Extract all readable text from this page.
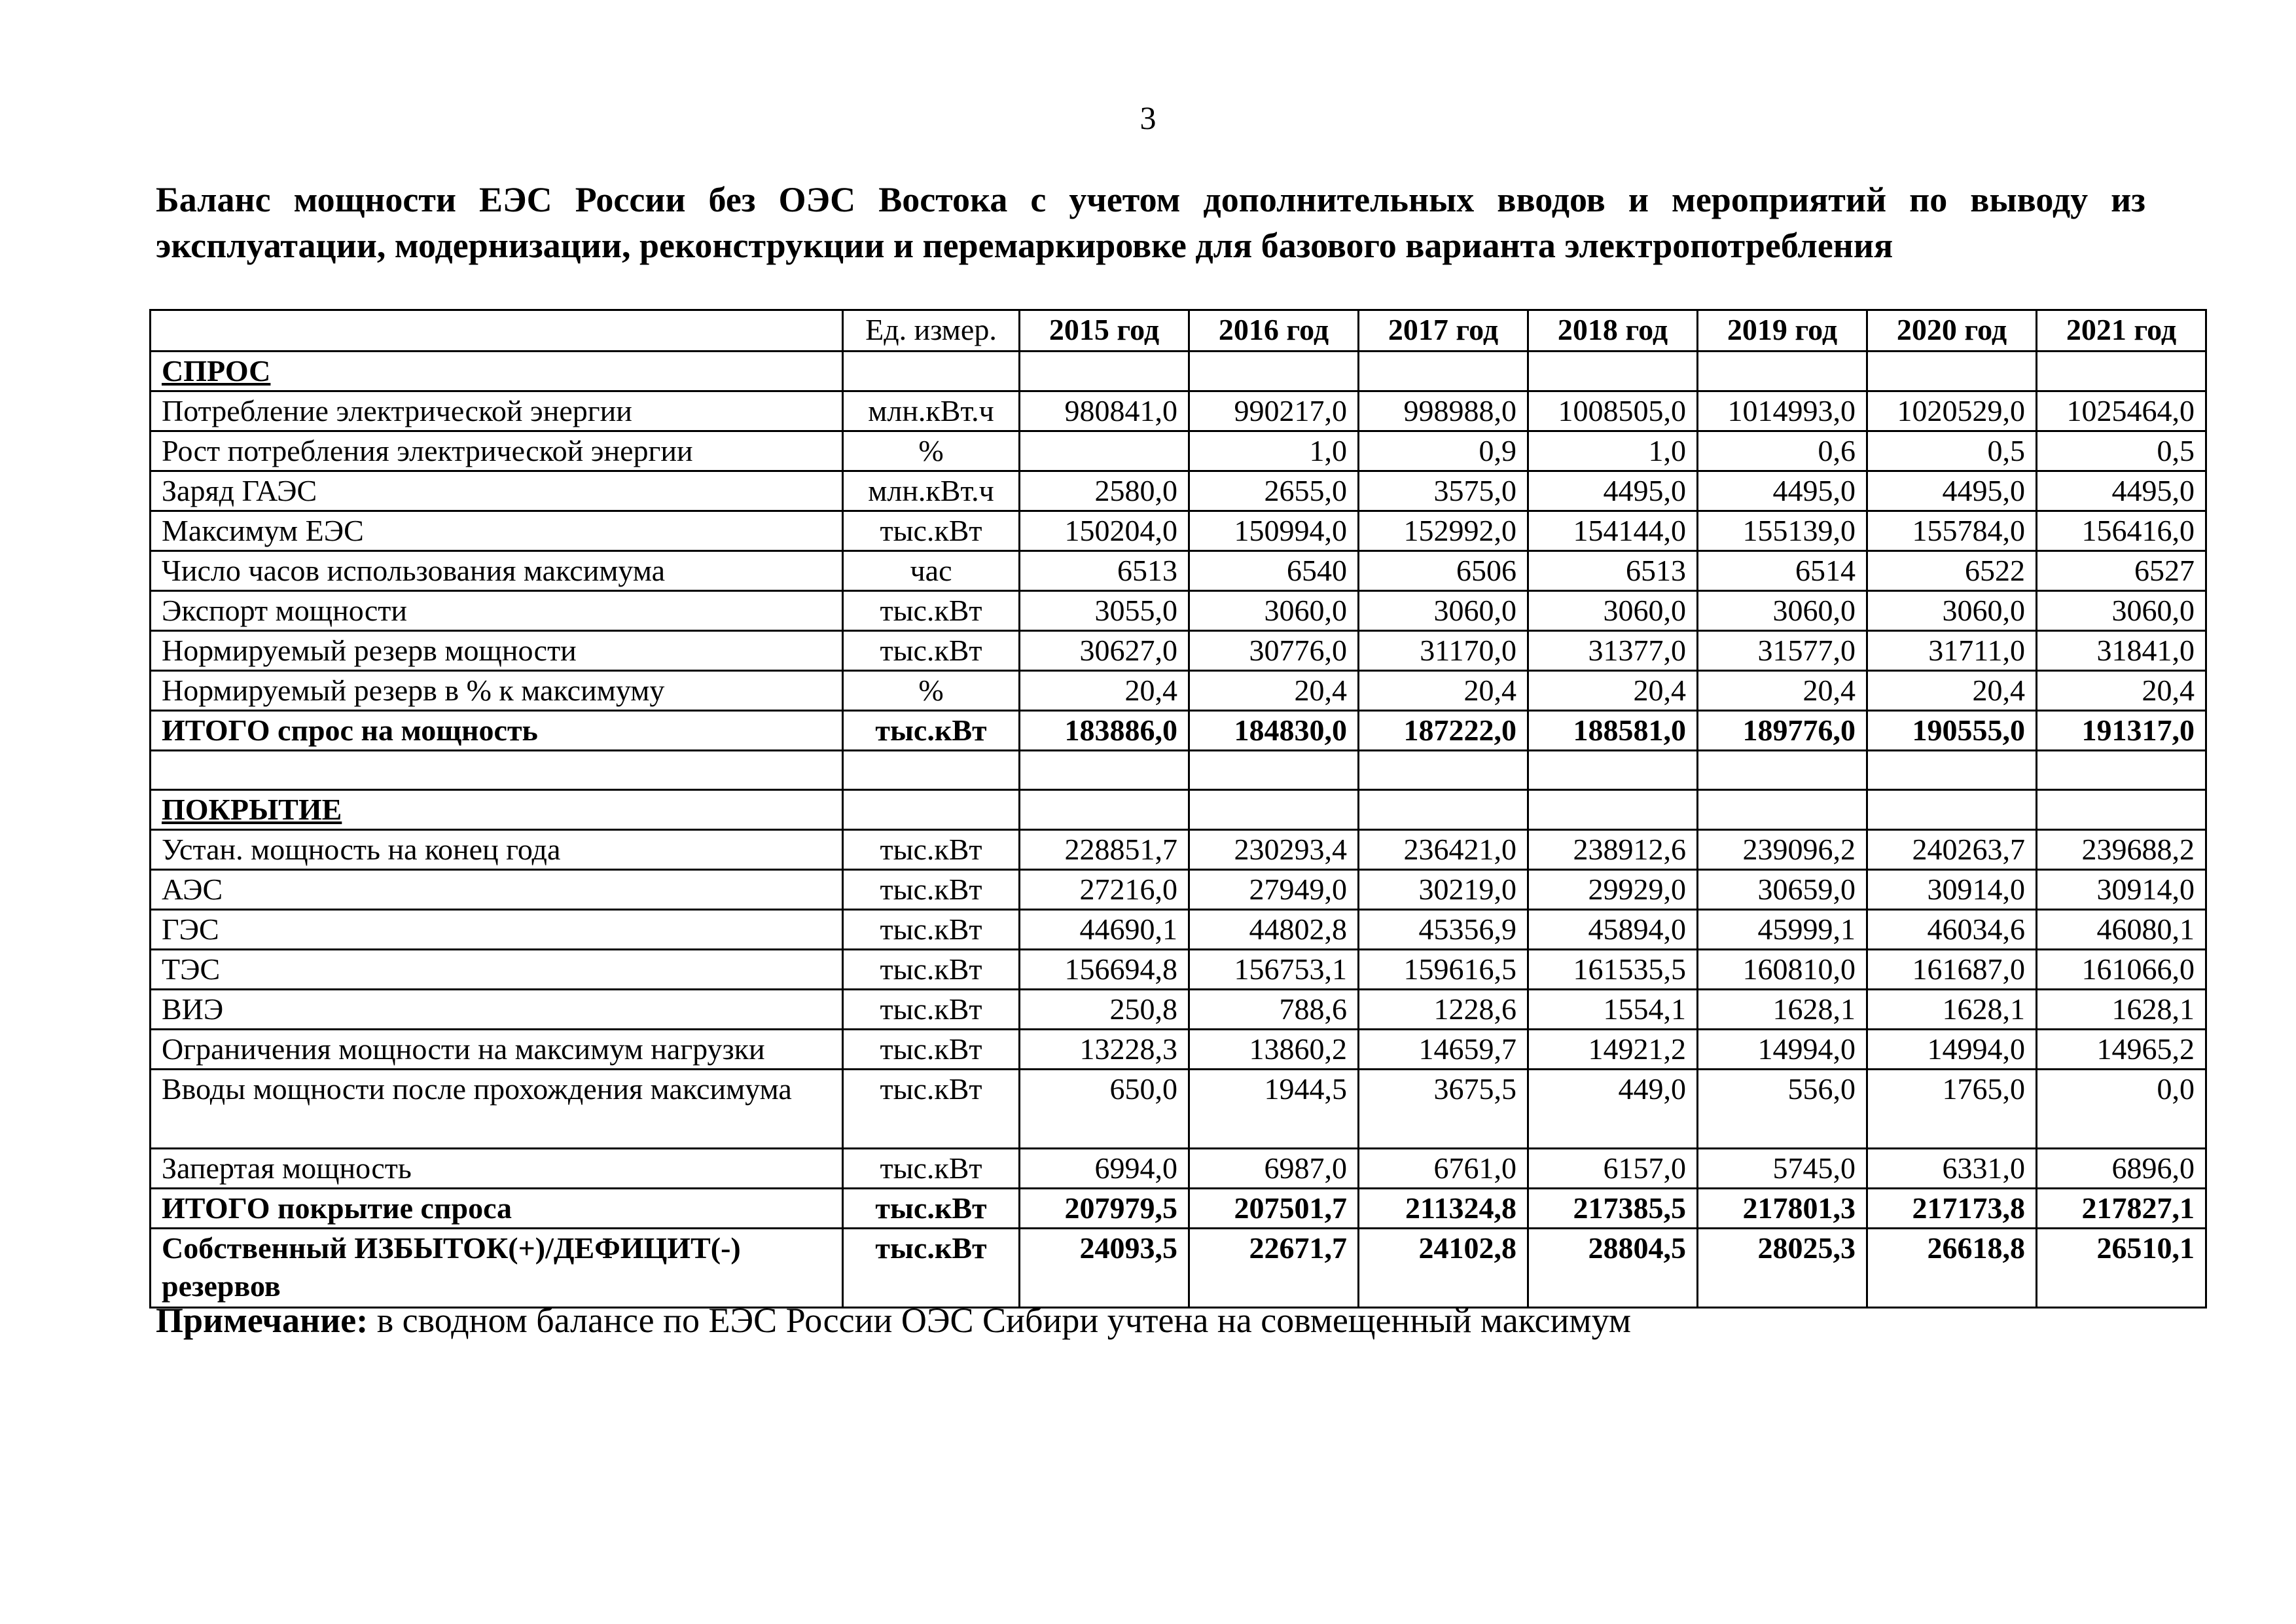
3
Баланс мощности ЕЭС России без ОЭС Востока с учетом дополнительных вводов и мероприятий по выводу из эксплуатации, модернизации, реконструкции и перемаркировке для базового варианта электропотребления
	Ед. измер.	2015 год	2016 год	2017 год	2018 год	2019 год	2020 год	2021 год
СПРОС								
Потребление электрической энергии	млн.кВт.ч	980841,0	990217,0	998988,0	1008505,0	1014993,0	1020529,0	1025464,0
Рост потребления электрической энергии	%		1,0	0,9	1,0	0,6	0,5	0,5
Заряд ГАЭС	млн.кВт.ч	2580,0	2655,0	3575,0	4495,0	4495,0	4495,0	4495,0
Максимум ЕЭС	тыс.кВт	150204,0	150994,0	152992,0	154144,0	155139,0	155784,0	156416,0
Число часов использования максимума	час	6513	6540	6506	6513	6514	6522	6527
Экспорт мощности	тыс.кВт	3055,0	3060,0	3060,0	3060,0	3060,0	3060,0	3060,0
Нормируемый резерв мощности	тыс.кВт	30627,0	30776,0	31170,0	31377,0	31577,0	31711,0	31841,0
Нормируемый резерв в % к максимуму	%	20,4	20,4	20,4	20,4	20,4	20,4	20,4
ИТОГО спрос на мощность	тыс.кВт	183886,0	184830,0	187222,0	188581,0	189776,0	190555,0	191317,0

ПОКРЫТИЕ								
Устан. мощность на конец года	тыс.кВт	228851,7	230293,4	236421,0	238912,6	239096,2	240263,7	239688,2
АЭС	тыс.кВт	27216,0	27949,0	30219,0	29929,0	30659,0	30914,0	30914,0
ГЭС	тыс.кВт	44690,1	44802,8	45356,9	45894,0	45999,1	46034,6	46080,1
ТЭС	тыс.кВт	156694,8	156753,1	159616,5	161535,5	160810,0	161687,0	161066,0
ВИЭ	тыс.кВт	250,8	788,6	1228,6	1554,1	1628,1	1628,1	1628,1
Ограничения мощности на максимум нагрузки	тыс.кВт	13228,3	13860,2	14659,7	14921,2	14994,0	14994,0	14965,2
Вводы мощности после прохождения максимума	тыс.кВт	650,0	1944,5	3675,5	449,0	556,0	1765,0	0,0
Запертая мощность	тыс.кВт	6994,0	6987,0	6761,0	6157,0	5745,0	6331,0	6896,0
ИТОГО покрытие спроса	тыс.кВт	207979,5	207501,7	211324,8	217385,5	217801,3	217173,8	217827,1
Собственный ИЗБЫТОК(+)/ДЕФИЦИТ(-) резервов	тыс.кВт	24093,5	22671,7	24102,8	28804,5	28025,3	26618,8	26510,1
Примечание: в сводном балансе по ЕЭС России ОЭС Сибири учтена на совмещенный максимум
